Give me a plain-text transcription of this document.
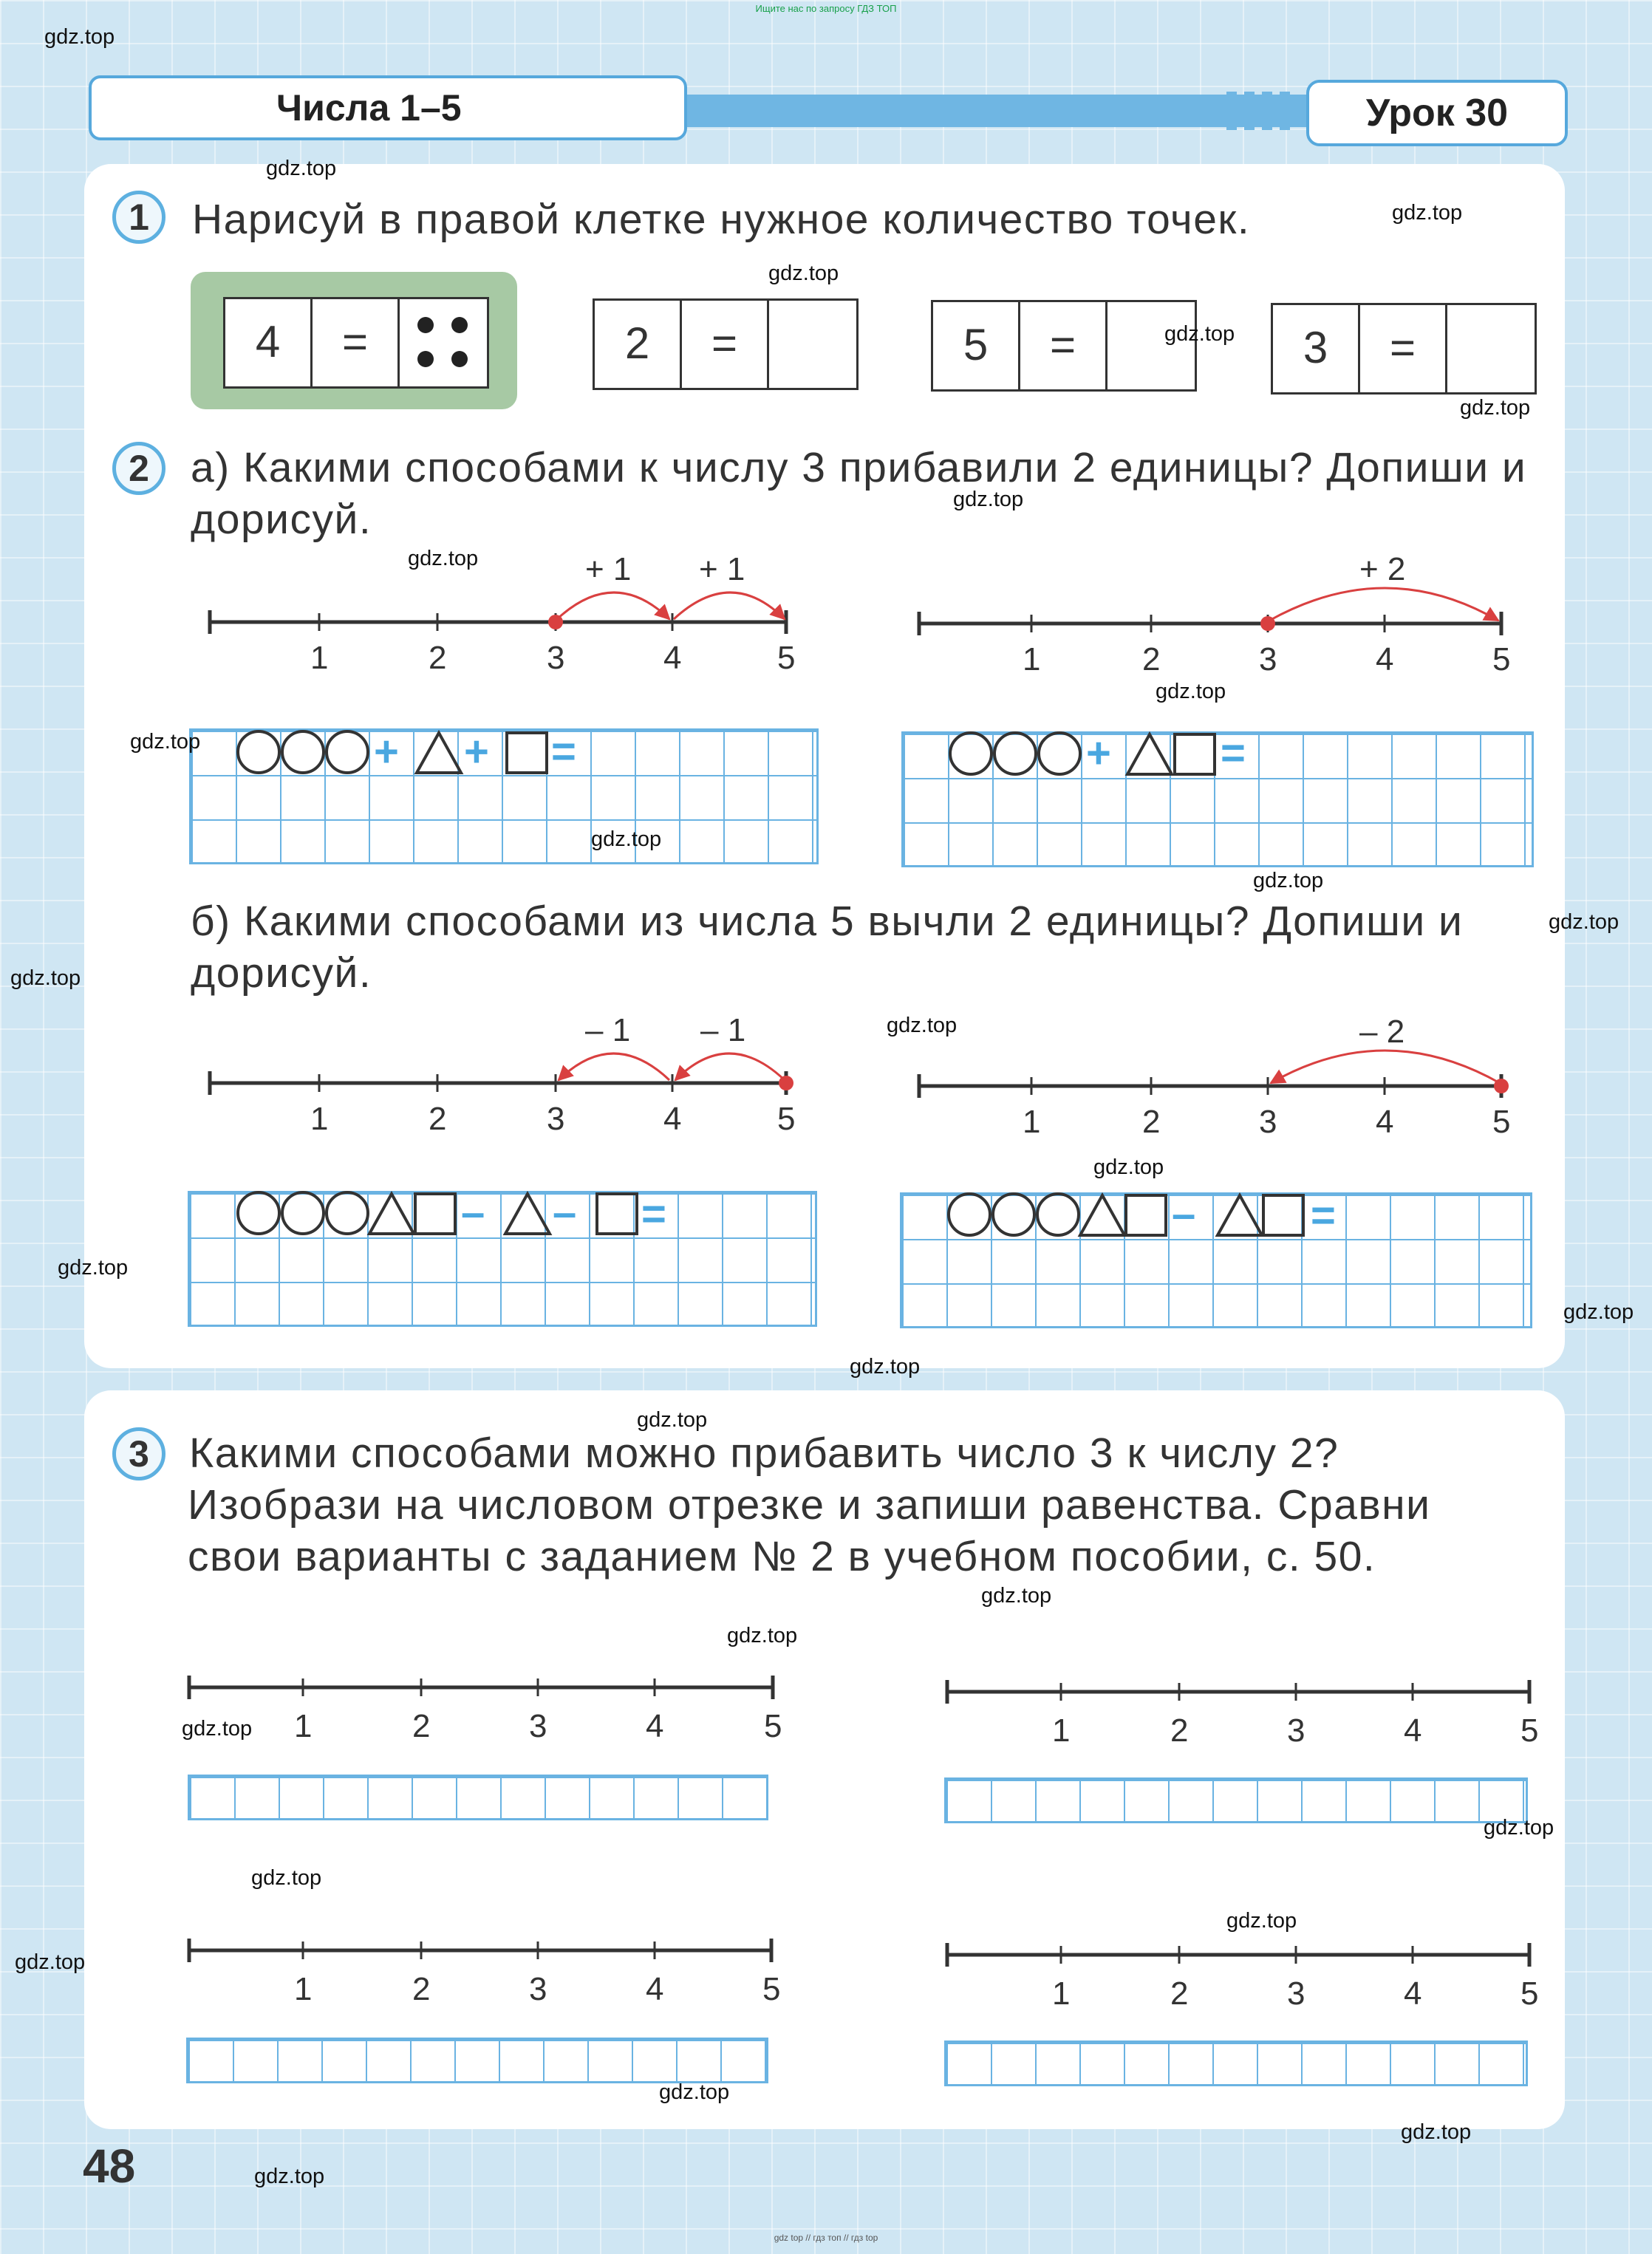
Ищите нас по запросу ГДЗ ТОП
Числа 1–5	Урок 30
1	Нарисуй в правой клетке нужное количество точек.
4	=	2	=	5	=	3	=
2 а) Какими способами к числу 3 прибавили 2 единицы? Допиши и дорисуй.
б) Какими способами из числа 5 вычли 2 единицы? Допиши и дорисуй.
1	2	3	4	5	1	2	3	4	5
1	2	3	4	5	1	2	3	4	5
+ 1 + 1	+ 2
– 1 – 1	– 2
+ + =	+	=
– – =	–	=
3 Какими способами можно прибавить число 3 к числу 2?
Изобрази на числовом отрезке и запиши равенства. Сравни
свои варианты с заданием № 2 в учебном пособии, с. 50.
1	2	3	4	5	1	2	3	4	5
1	2	3	4	5	1	2	3	4	5
48
gdz.top
gdz.top
gdz.top
gdz.top
gdz.top
gdz.top
gdz.top
gdz.top
gdz.top
gdz.top
gdz.top
gdz.top
gdz.top
gdz.top
gdz.top
gdz.top
gdz.top
gdz.top
gdz.top
gdz.top
gdz.top
gdz.top
gdz.top
gdz.top
gdz.top
gdz.top
gdz.top
gdz.top
gdz.top
gdz.top
gdz top // гдз топ // гдз top
